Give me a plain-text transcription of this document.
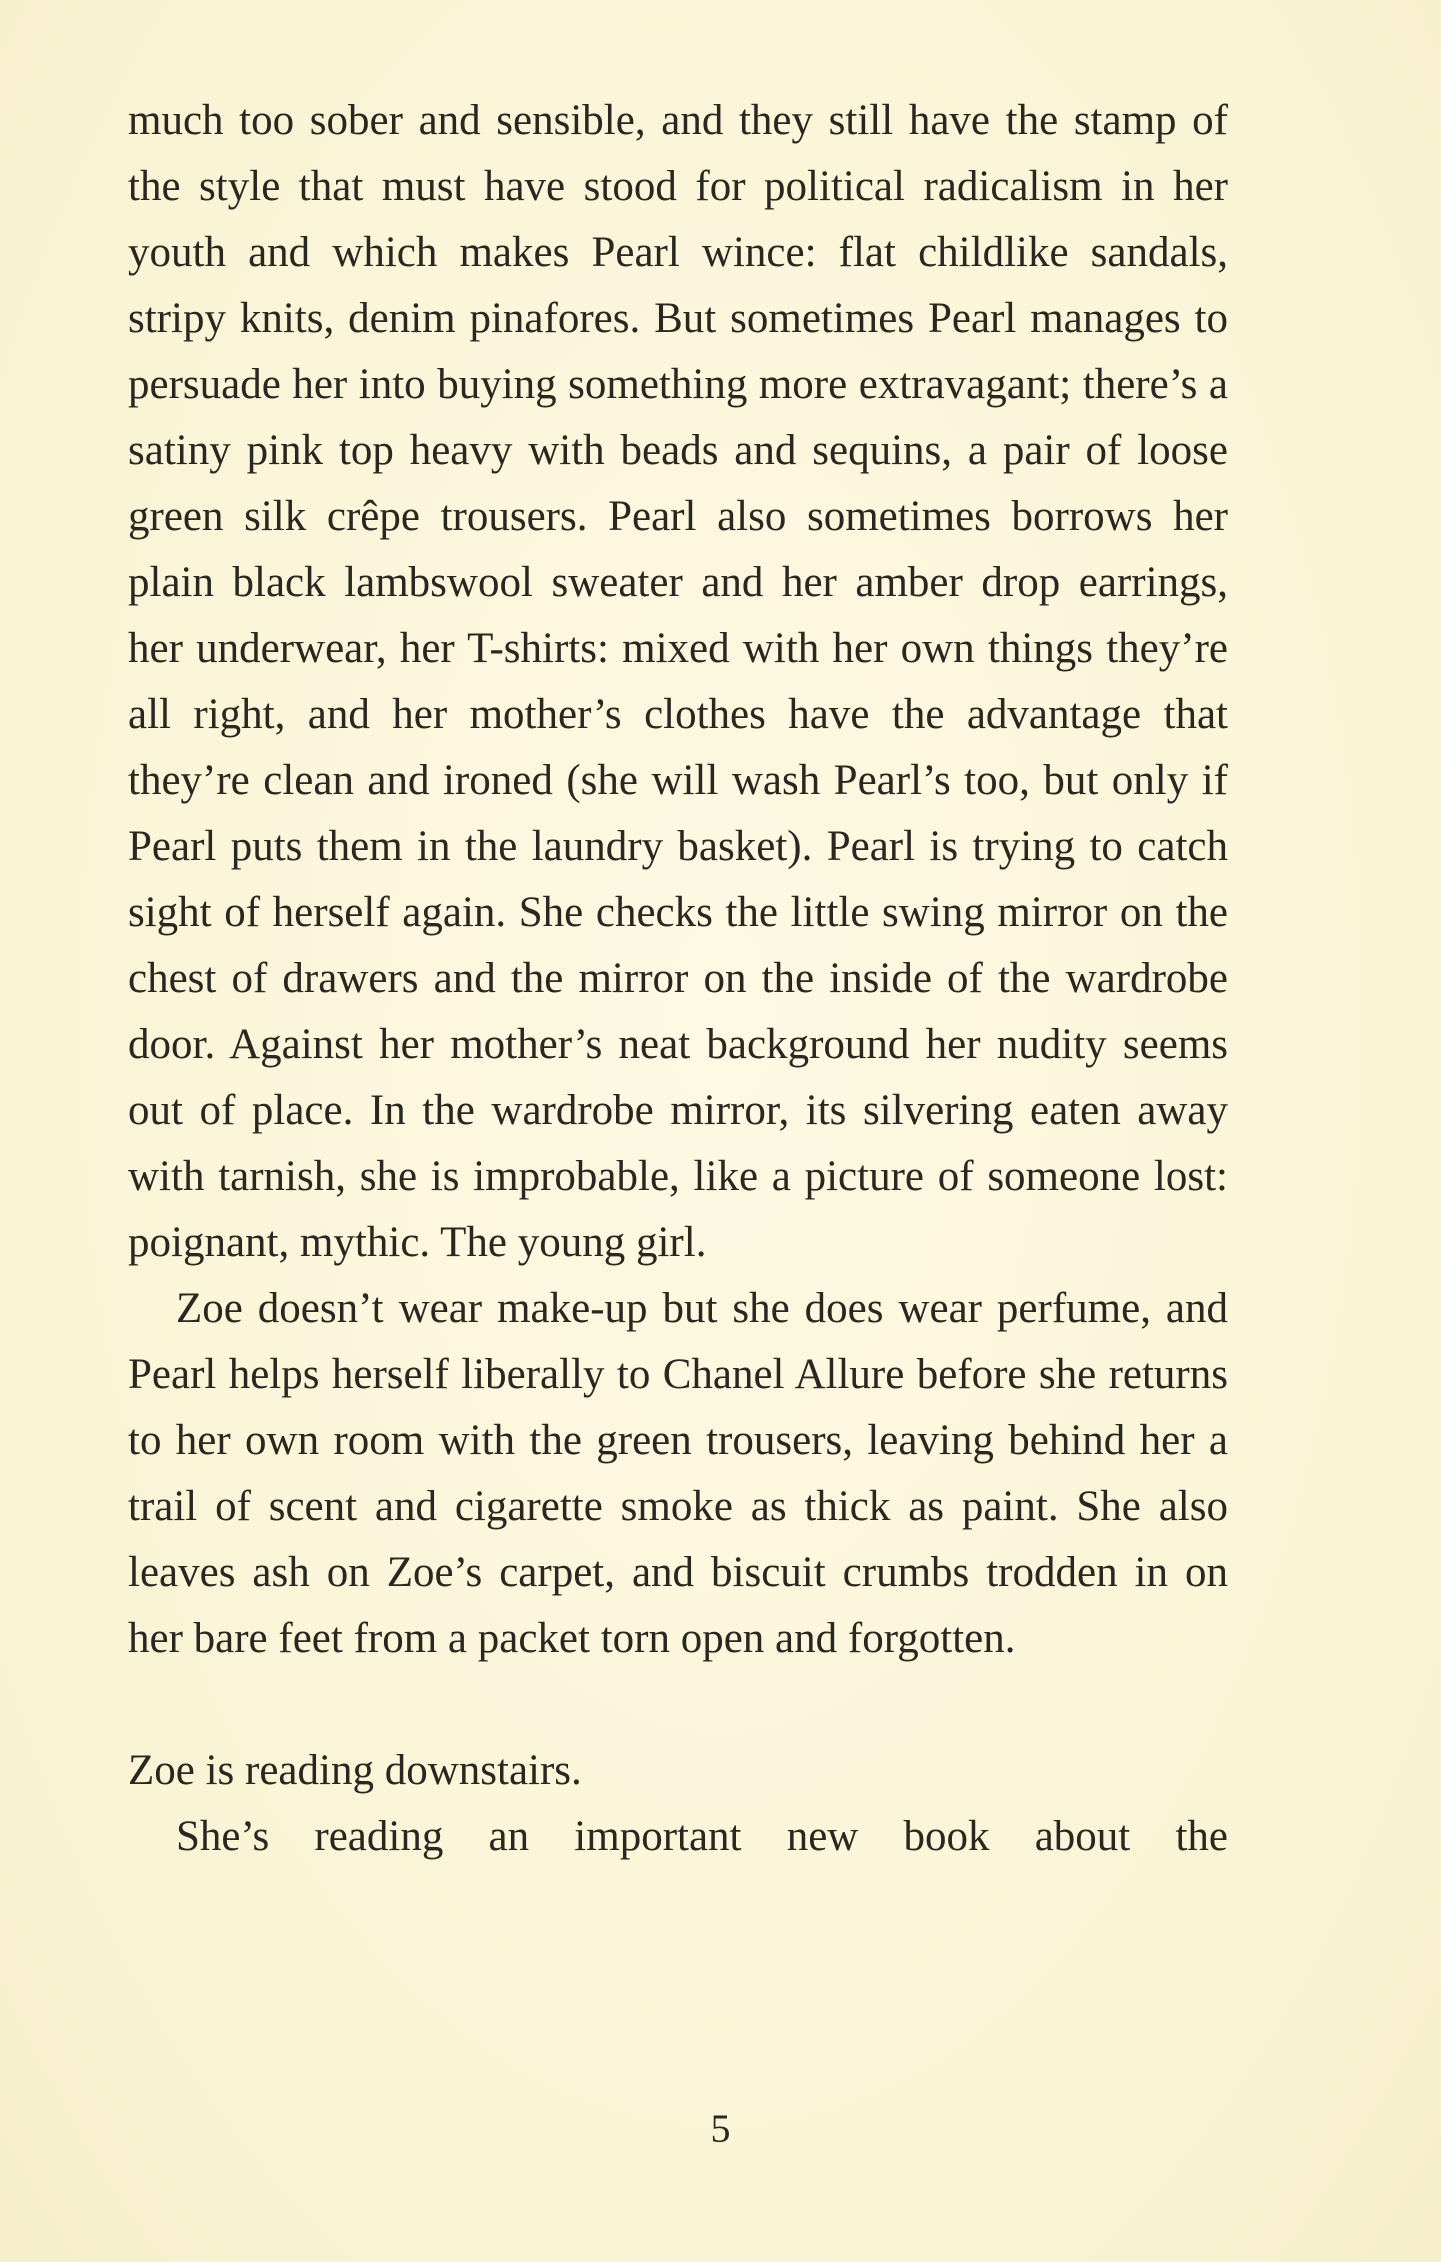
much too sober and sensible, and they still have the stamp of the style that must have stood for political radicalism in her youth and which makes Pearl wince: flat childlike sandals, stripy knits, denim pinafores. But sometimes Pearl manages to persuade her into buying something more extravagant; there’s a satiny pink top heavy with beads and sequins, a pair of loose green silk crêpe trousers. Pearl also sometimes borrows her plain black lambswool sweater and her amber drop earrings, her underwear, her T-shirts: mixed with her own things they’re all right, and her mother’s clothes have the advantage that they’re clean and ironed (she will wash Pearl’s too, but only if Pearl puts them in the laundry basket). Pearl is trying to catch sight of herself again. She checks the little swing mirror on the chest of drawers and the mirror on the inside of the wardrobe door. Against her mother’s neat background her nudity seems out of place. In the wardrobe mirror, its silvering eaten away with tarnish, she is improbable, like a picture of someone lost: poignant, mythic. The young girl.

Zoe doesn’t wear make-up but she does wear perfume, and Pearl helps herself liberally to Chanel Allure before she returns to her own room with the green trousers, leaving behind her a trail of scent and cigarette smoke as thick as paint. She also leaves ash on Zoe’s carpet, and biscuit crumbs trodden in on her bare feet from a packet torn open and forgotten.

Zoe is reading downstairs.

She’s reading an important new book about the

5
